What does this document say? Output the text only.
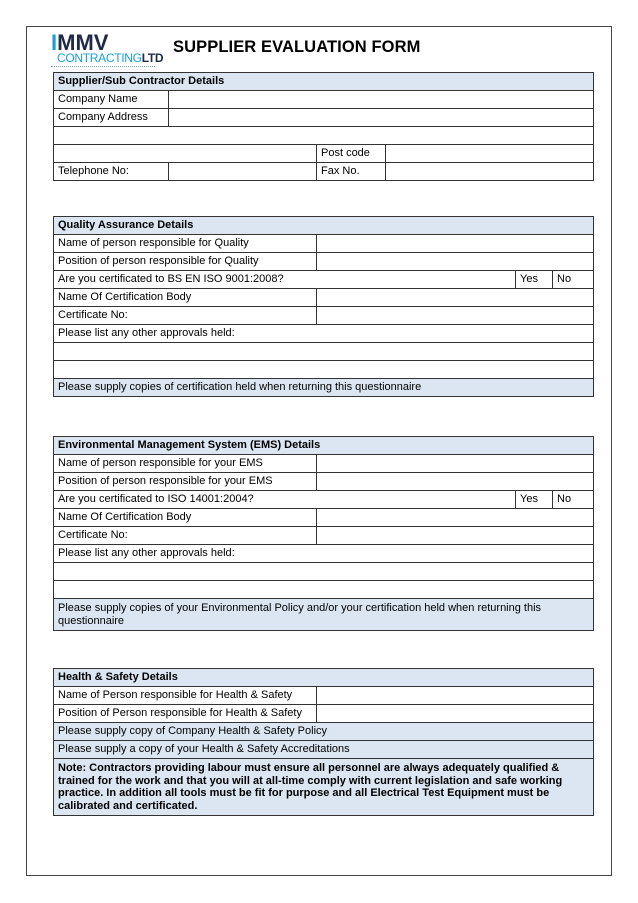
IMMV
CONTRACTINGLTD
SUPPLIER EVALUATION FORM
Supplier/Sub Contractor Details			
Company Name			
Company Address			

		Post code	
Telephone No:		Fax No.	
Quality Assurance Details			
Name of person responsible for Quality			
Position of person responsible for Quality			
Are you certificated to BS EN ISO 9001:2008?		Yes	No
Name Of Certification Body			
Certificate No:			
Please list any other approvals held:			

Please supply copies of certification held when returning this questionnaire			
Environmental Management System (EMS) Details			
Name of person responsible for your EMS			
Position of person responsible for your EMS			
Are you certificated to ISO 14001:2004?		Yes	No
Name Of Certification Body			
Certificate No:			
Please list any other approvals held:			

Please supply copies of your Environmental Policy and/or your certification held when returning this questionnaire			
Health & Safety Details	
Name of Person responsible for Health & Safety	
Position of Person responsible for Health & Safety	
Please supply copy of Company Health & Safety Policy	
Please supply a copy of your Health & Safety Accreditations	
Note: Contractors providing labour must ensure all personnel are always adequately qualified & trained for the work and that you will at all-time comply with current legislation and safe working practice. In addition all tools must be fit for purpose and all Electrical Test Equipment must be calibrated and certificated.	
